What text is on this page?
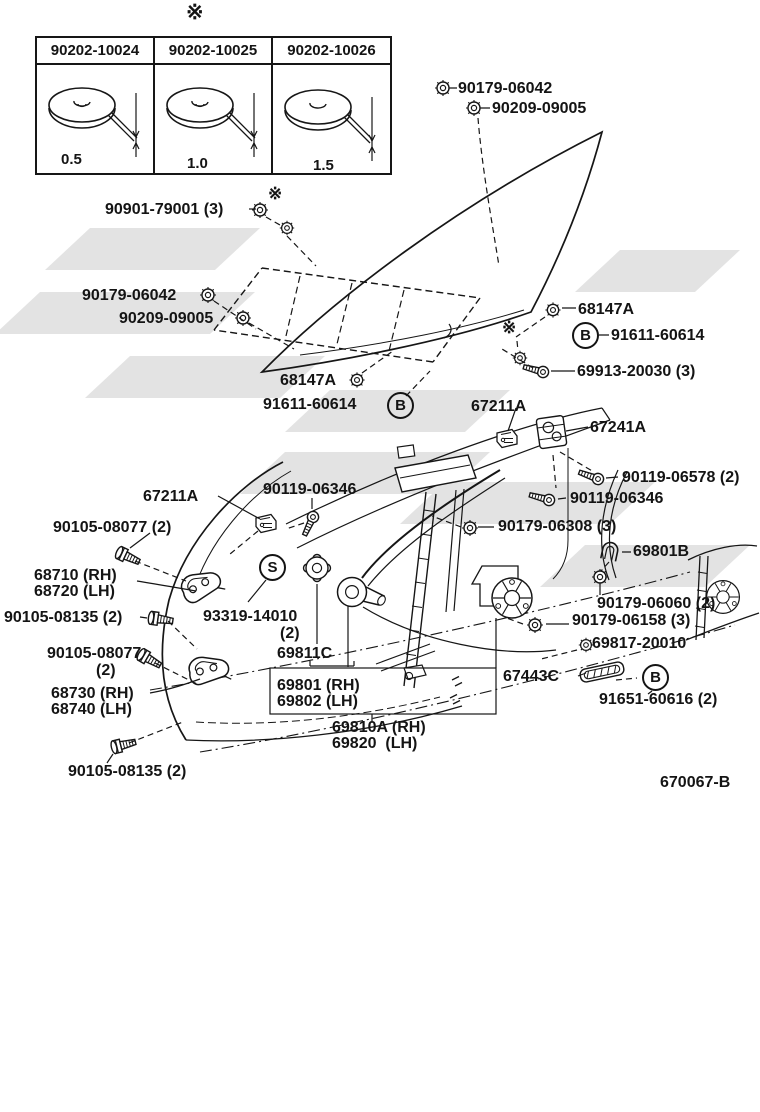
※
90202-10024	90202-10025	90202-10026
0.5	1.0	1.5
※
※
S
B
B
B
90179-06042
90209-09005
90901-79001 (3)
90179-06042
90209-09005
68147A
91611-60614
69913-20030 (3)
68147A
91611-60614	67211A
67241A
90119-06578 (2)
90119-06346
67211A	90119-06346
90105-08077 (2)
68710 (RH)
68720 (LH)
90105-08135 (2)	93319-14010
(2)
90179-06308 (3)
69801B
90179-06060 (2)
90179-06158 (3)
69817-20010
67443C
91651-60616 (2)
90105-08077
(2)
68730 (RH)
68740 (LH)
69811C
69801 (RH)
69802 (LH)
69810A (RH)
69820  (LH)
90105-08135 (2)
670067-B
